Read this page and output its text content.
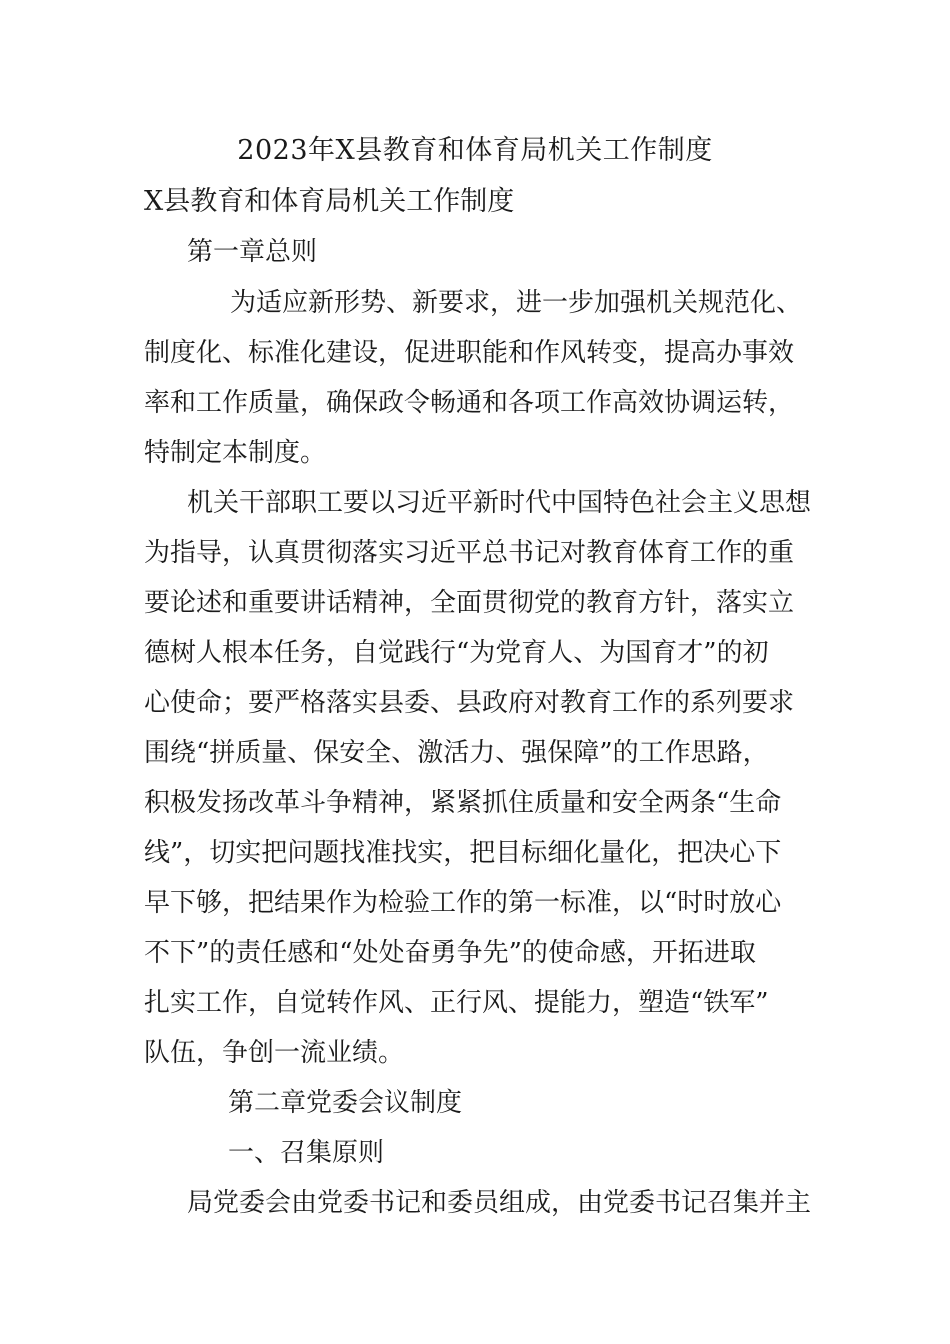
2023年X县教育和体育局机关工作制度
X县教育和体育局机关工作制度
第一章总则
为适应新形势、新要求，进一步加强机关规范化、
制度化、标准化建设，促进职能和作风转变，提高办事效
率和工作质量，确保政令畅通和各项工作高效协调运转，
特制定本制度。
机关干部职工要以习近平新时代中国特色社会主义思想
为指导，认真贯彻落实习近平总书记对教育体育工作的重
要论述和重要讲话精神，全面贯彻党的教育方针，落实立
德树人根本任务，自觉践行“为党育人、为国育才”的初
心使命；要严格落实县委、县政府对教育工作的系列要求
围绕“拼质量、保安全、激活力、强保障”的工作思路，
积极发扬改革斗争精神，紧紧抓住质量和安全两条“生命
线”，切实把问题找准找实，把目标细化量化，把决心下
早下够，把结果作为检验工作的第一标准，以“时时放心
不下”的责任感和“处处奋勇争先”的使命感，开拓进取
扎实工作，自觉转作风、正行风、提能力，塑造“铁军”
队伍，争创一流业绩。
第二章党委会议制度
一、召集原则
局党委会由党委书记和委员组成，由党委书记召集并主
